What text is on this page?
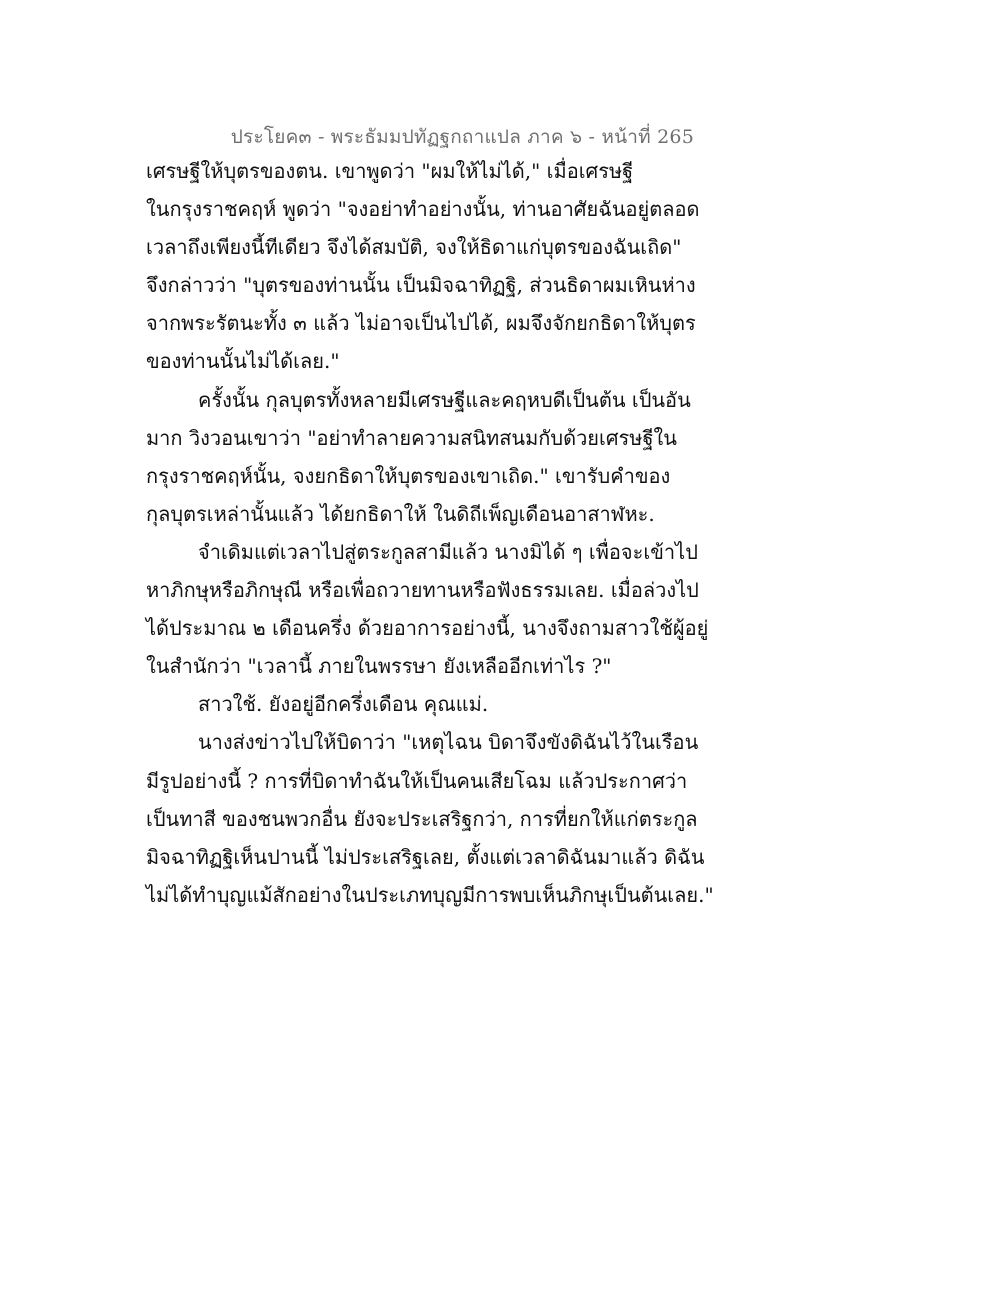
ประโยค๓ - พระธัมมปทัฏฐกถาแปล ภาค ๖ - หน้าที่ 265
เศรษฐีให้บุตรของตน. เขาพูดว่า "ผมให้ไม่ได้," เมื่อเศรษฐี
ในกรุงราชคฤห์ พูดว่า "จงอย่าทำอย่างนั้น, ท่านอาศัยฉันอยู่ตลอด
เวลาถึงเพียงนี้ทีเดียว จึงได้สมบัติ, จงให้ธิดาแก่บุตรของฉันเถิด"
จึงกล่าวว่า "บุตรของท่านนั้น เป็นมิจฉาทิฏฐิ, ส่วนธิดาผมเหินห่าง
จากพระรัตนะทั้ง ๓ แล้ว ไม่อาจเป็นไปได้, ผมจึงจักยกธิดาให้บุตร
ของท่านนั้นไม่ได้เลย."
ครั้งนั้น กุลบุตรทั้งหลายมีเศรษฐีและคฤหบดีเป็นต้น เป็นอัน
มาก วิงวอนเขาว่า "อย่าทำลายความสนิทสนมกับด้วยเศรษฐีใน
กรุงราชคฤห์นั้น, จงยกธิดาให้บุตรของเขาเถิด." เขารับคำของ
กุลบุตรเหล่านั้นแล้ว ได้ยกธิดาให้ ในดิถีเพ็ญเดือนอาสาฬหะ.
จำเดิมแต่เวลาไปสู่ตระกูลสามีแล้ว นางมิได้ ๆ เพื่อจะเข้าไป
หาภิกษุหรือภิกษุณี หรือเพื่อถวายทานหรือฟังธรรมเลย. เมื่อล่วงไป
ได้ประมาณ ๒ เดือนครึ่ง ด้วยอาการอย่างนี้, นางจึงถามสาวใช้ผู้อยู่
ในสำนักว่า "เวลานี้ ภายในพรรษา ยังเหลืออีกเท่าไร ?"
สาวใช้. ยังอยู่อีกครึ่งเดือน คุณแม่.
นางส่งข่าวไปให้บิดาว่า "เหตุไฉน บิดาจึงขังดิฉันไว้ในเรือน
มีรูปอย่างนี้ ? การที่บิดาทำฉันให้เป็นคนเสียโฉม แล้วประกาศว่า
เป็นทาสี ของชนพวกอื่น ยังจะประเสริฐกว่า, การที่ยกให้แก่ตระกูล
มิจฉาทิฏฐิเห็นปานนี้ ไม่ประเสริฐเลย, ตั้งแต่เวลาดิฉันมาแล้ว ดิฉัน
ไม่ได้ทำบุญแม้สักอย่างในประเภทบุญมีการพบเห็นภิกษุเป็นต้นเลย."
